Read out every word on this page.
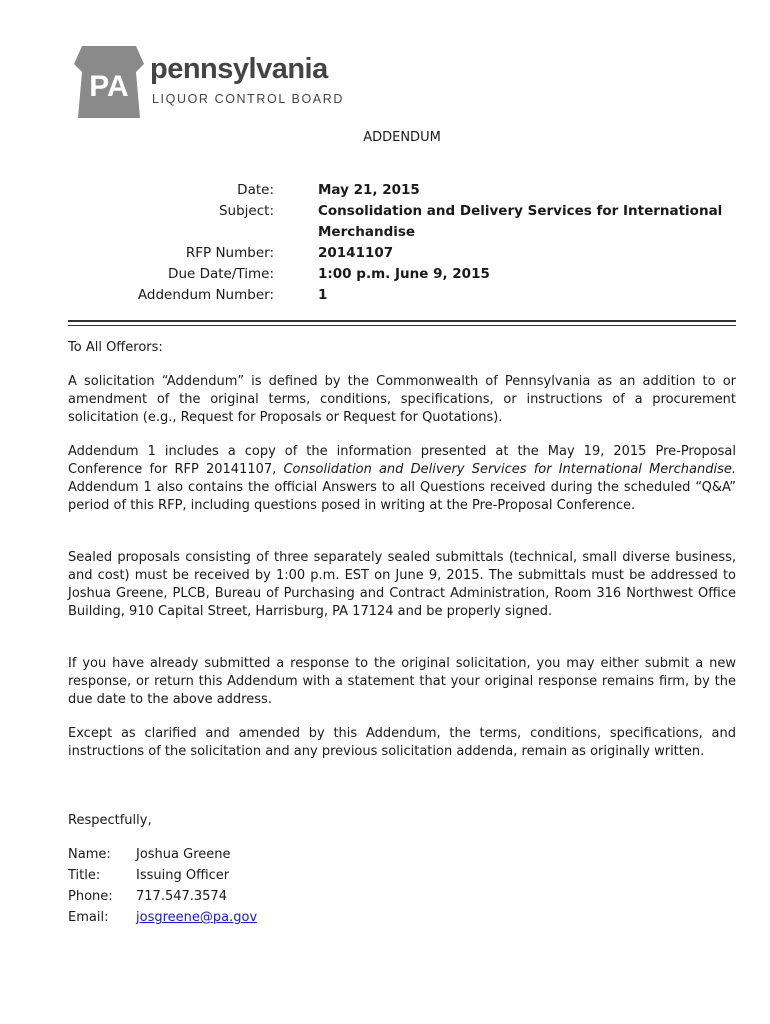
PA
pennsylvania
LIQUOR CONTROL BOARD
ADDENDUM
Date:	May 21, 2015
Subject:	Consolidation and Delivery Services for International
Merchandise
RFP Number:	20141107
Due Date/Time:	1:00 p.m. June 9, 2015
Addendum Number:	1
To All Offerors:
A solicitation “Addendum” is defined by the Commonwealth of Pennsylvania as an addition to or amendment of the original terms, conditions, specifications, or instructions of a procurement solicitation (e.g., Request for Proposals or Request for Quotations).
Addendum 1 includes a copy of the information presented at the May 19, 2015 Pre-Proposal Conference for RFP 20141107, Consolidation and Delivery Services for International Merchandise.  Addendum 1 also contains the official Answers to all Questions received during the scheduled “Q&A” period of this RFP, including questions posed in writing at the Pre-Proposal Conference.
Sealed proposals consisting of three separately sealed submittals (technical, small diverse business, and cost) must be received by 1:00 p.m. EST on June 9, 2015. The submittals must be addressed to Joshua Greene, PLCB, Bureau of Purchasing and Contract Administration, Room 316 Northwest Office Building, 910 Capital Street, Harrisburg, PA 17124 and be properly signed.
If you have already submitted a response to the original solicitation, you may either submit a new response, or return this Addendum with a statement that your original response remains firm, by the due date to the above address.
Except as clarified and amended by this Addendum, the terms, conditions, specifications, and instructions of the solicitation and any previous solicitation addenda, remain as originally written.
Respectfully,
Name: Joshua Greene
Title:	Issuing Officer
Phone: 717.547.3574
Email: josgreene@pa.gov
